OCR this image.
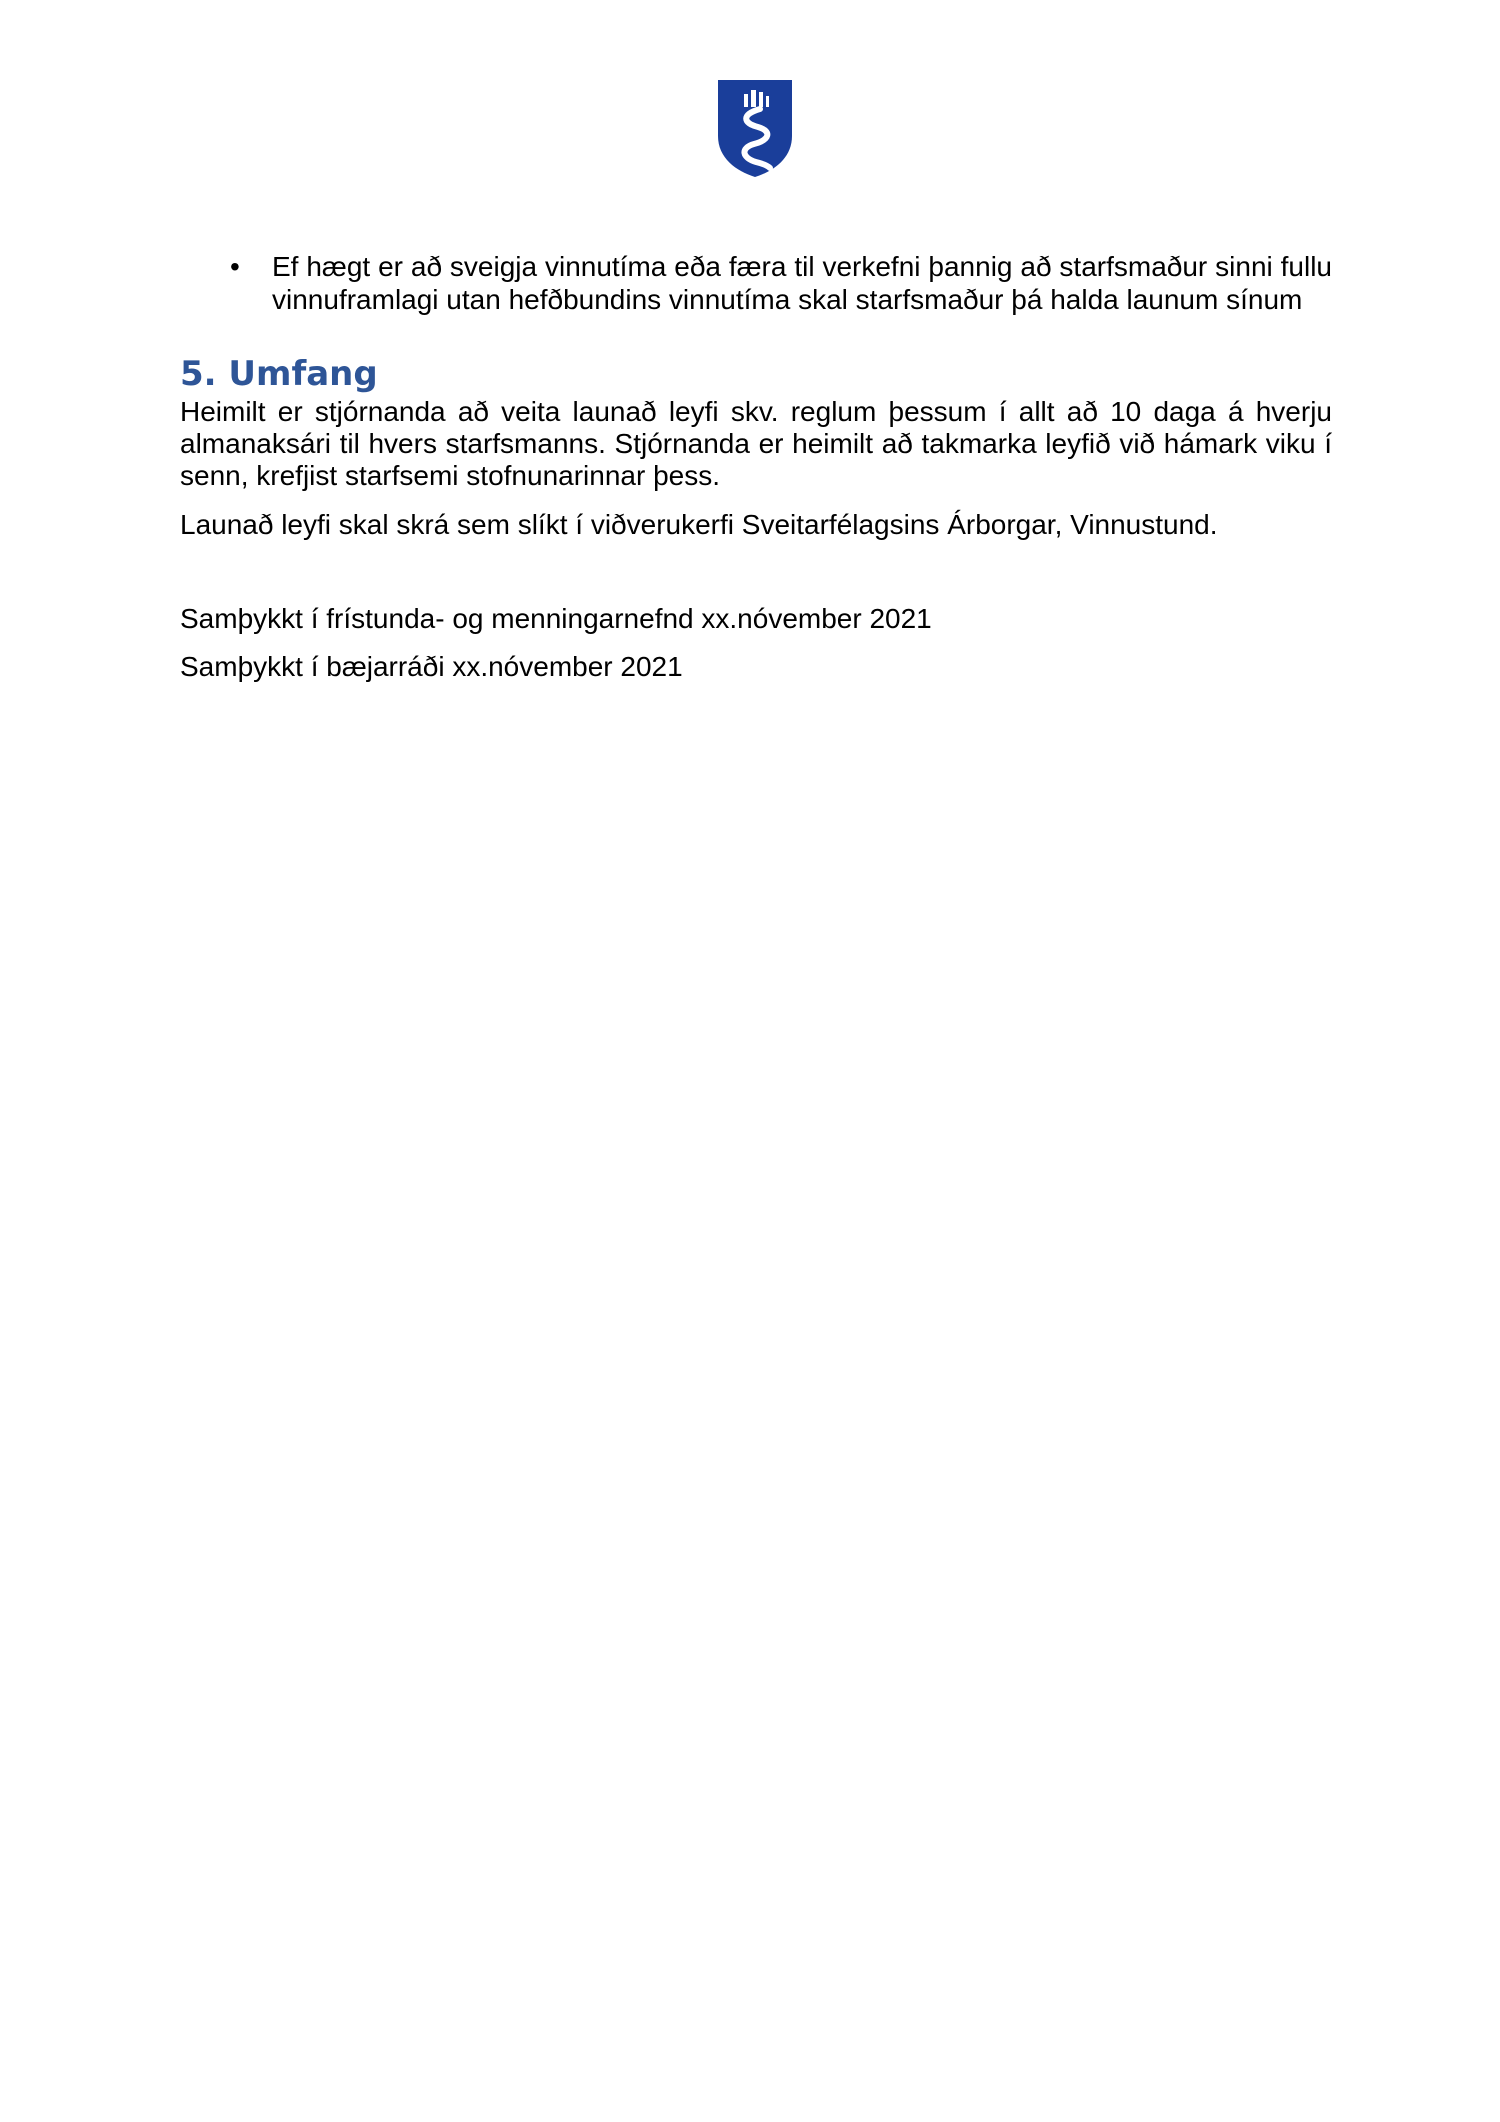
• Ef hægt er að sveigja vinnutíma eða færa til verkefni þannig að starfsmaður sinni fullu vinnuframlagi utan hefðbundins vinnutíma skal starfsmaður þá halda launum sínum
5. Umfang

Heimilt er stjórnanda að veita launað leyfi skv. reglum þessum í allt að 10 daga á hverju almanaksári til hvers starfsmanns. Stjórnanda er heimilt að takmarka leyfið við hámark viku í senn, krefjist starfsemi stofnunarinnar þess.

Launað leyfi skal skrá sem slíkt í viðverukerfi Sveitarfélagsins Árborgar, Vinnustund.

Samþykkt í frístunda- og menningarnefnd xx.nóvember 2021

Samþykkt í bæjarráði xx.nóvember 2021
